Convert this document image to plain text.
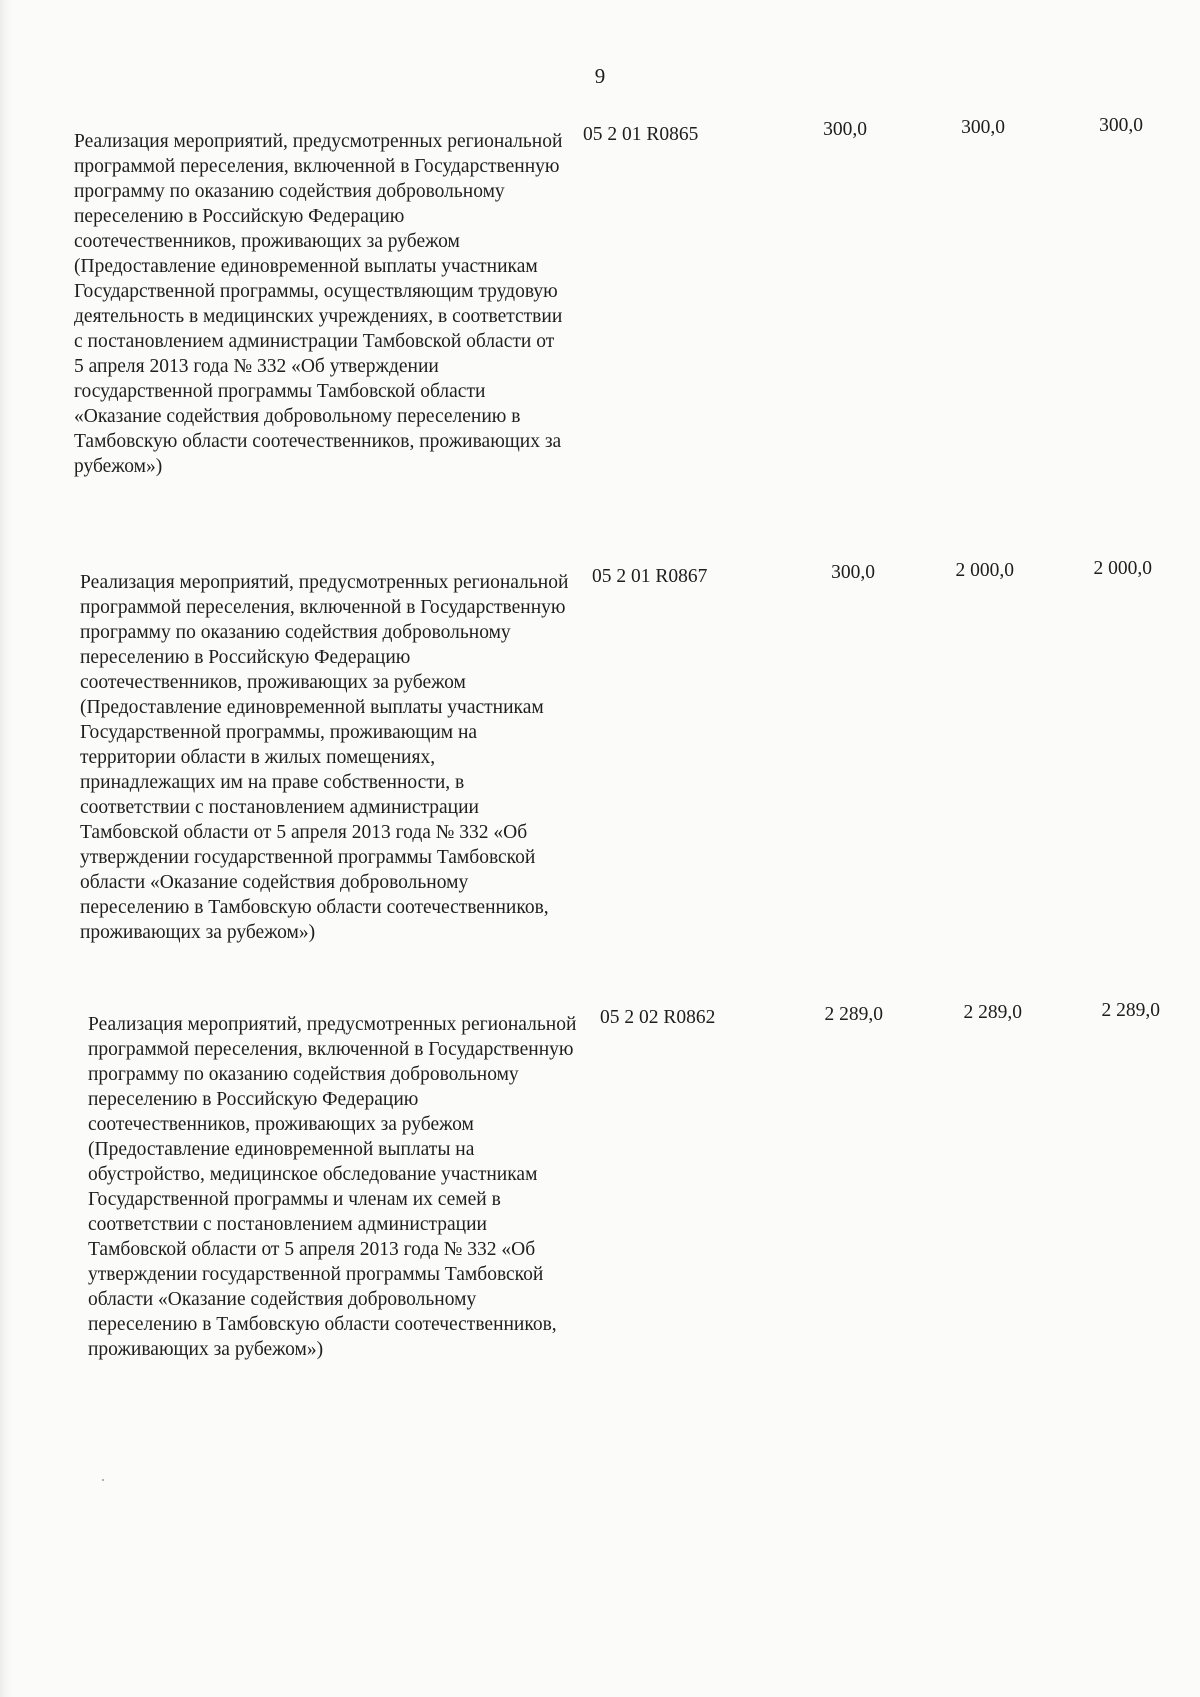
9
Реализация мероприятий, предусмотренных региональной программой переселения, включенной в Государственную программу по оказанию содействия добровольному переселению в Российскую Федерацию соотечественников, проживающих за рубежом (Предоставление единовременной выплаты участникам Государственной программы, осуществляющим трудовую деятельность в медицинских учреждениях, в соответствии с постановлением администрации Тамбовской области от 5 апреля 2013 года № 332 «Об утверждении государственной программы Тамбовской области «Оказание содействия добровольному переселению в Тамбовскую области соотечественников, проживающих за рубежом»)
05 2 01 R0865	300,0	300,0	300,0
Реализация мероприятий, предусмотренных региональной программой переселения, включенной в Государственную программу по оказанию содействия добровольному переселению в Российскую Федерацию соотечественников, проживающих за рубежом (Предоставление единовременной выплаты участникам Государственной программы, проживающим на территории области в жилых помещениях, принадлежащих им на праве собственности, в соответствии с постановлением администрации Тамбовской области от 5 апреля 2013 года № 332 «Об утверждении государственной программы Тамбовской области «Оказание содействия добровольному переселению в Тамбовскую области соотечественников, проживающих за рубежом»)
05 2 01 R0867	300,0	2 000,0	2 000,0
Реализация мероприятий, предусмотренных региональной программой переселения, включенной в Государственную программу по оказанию содействия добровольному переселению в Российскую Федерацию соотечественников, проживающих за рубежом (Предоставление единовременной выплаты на обустройство, медицинское обследование участникам Государственной программы и членам их семей в соответствии с постановлением администрации Тамбовской области от 5 апреля 2013 года № 332 «Об утверждении государственной программы Тамбовской области «Оказание содействия добровольному переселению в Тамбовскую области соотечественников, проживающих за рубежом»)
05 2 02 R0862	2 289,0	2 289,0	2 289,0
